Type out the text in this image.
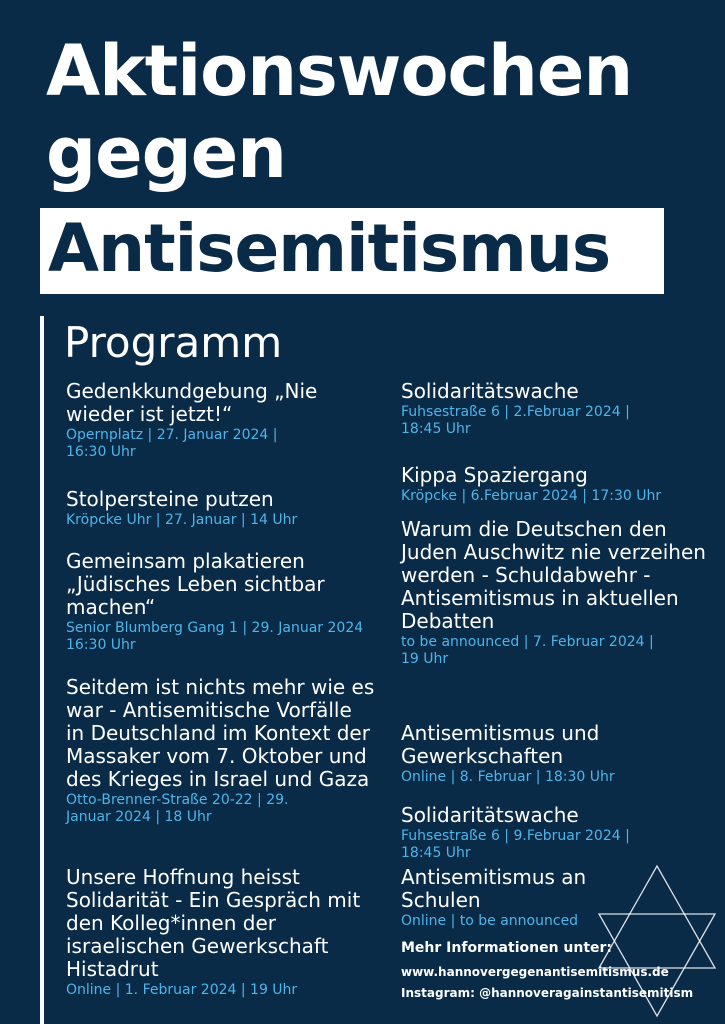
Aktionswochen
gegen
Antisemitismus
Programm
Gedenkkundgebung „Nie wieder ist jetzt!“
Opernplatz | 27. Januar 2024 | 16:30 Uhr
Stolpersteine putzen
Kröpcke Uhr | 27. Januar | 14 Uhr
Gemeinsam plakatieren „Jüdisches Leben sichtbar machen“
Senior Blumberg Gang 1 | 29. Januar 2024 16:30 Uhr
Seitdem ist nichts mehr wie es war - Antisemitische Vorfälle in Deutschland im Kontext der Massaker vom 7. Oktober und des Krieges in Israel und Gaza
Otto-Brenner-Straße 20-22 | 29. Januar 2024 | 18 Uhr
Unsere Hoffnung heisst Solidarität - Ein Gespräch mit den Kolleg*innen der israelischen Gewerkschaft Histadrut
Online | 1. Februar 2024 | 19 Uhr
Solidaritätswache
Fuhsestraße 6 | 2.Februar 2024 | 18:45 Uhr
Kippa Spaziergang
Kröpcke | 6.Februar 2024 | 17:30 Uhr
Warum die Deutschen den Juden Auschwitz nie verzeihen werden - Schuldabwehr - Antisemitismus in aktuellen Debatten
to be announced | 7. Februar 2024 | 19 Uhr
Antisemitismus und Gewerkschaften
Online | 8. Februar | 18:30 Uhr
Solidaritätswache
Fuhsestraße 6 | 9.Februar 2024 | 18:45 Uhr
Antisemitismus an Schulen
Online | to be announced
Mehr Informationen unter:
www.hannovergegenantisemitismus.de
Instagram: @hannoveragainstantisemitism
